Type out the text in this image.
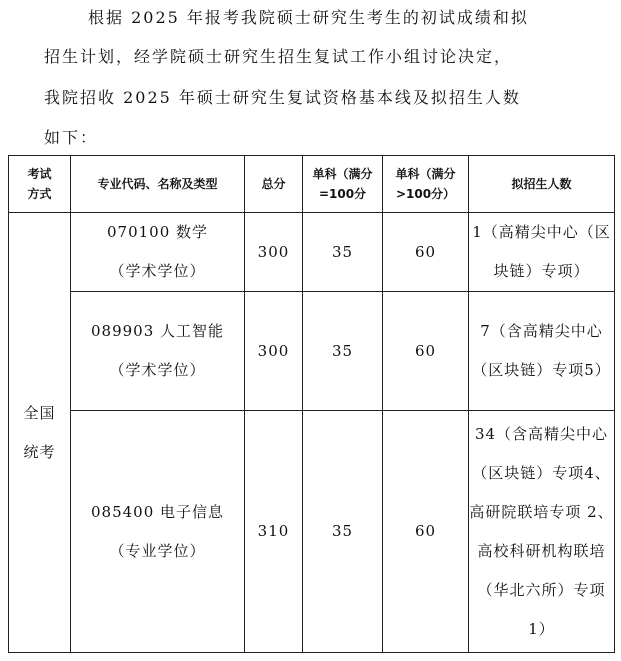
根据 2025 年报考我院硕士研究生考生的初试成绩和拟
招生计划，经学院硕士研究生招生复试工作小组讨论决定，
我院招收 2025 年硕士研究生复试资格基本线及拟招生人数
如下：
考试方式	专业代码、名称及类型	总分	单科（满分=100分	单科（满分>100分）	拟招生人数
全国统考	070100 数学
（学术学位）	300	35	60	1（高精尖中心（区块链）专项）

	089903 人工智能
（学术学位）	300	35	60	7（含高精尖中心（区块链）专项5）

	085400 电子信息
（专业学位）	310	35	60	34（含高精尖中心（区块链）专项4、高研院联培专项 2、高校科研机构联培（华北六所）专项 1）
